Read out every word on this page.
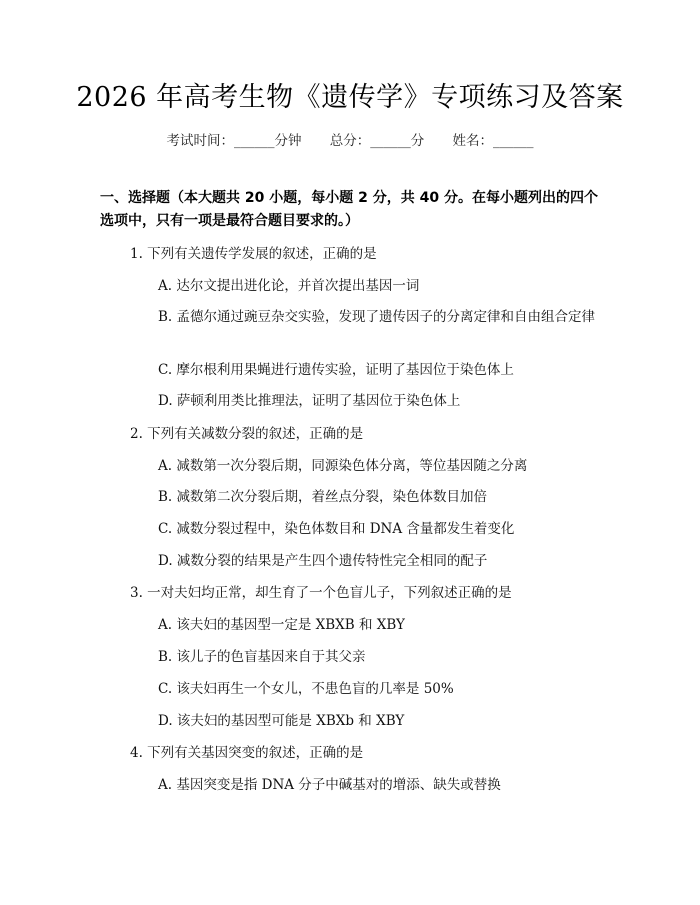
2026 年高考生物《遗传学》专项练习及答案
考试时间：______分钟 总分：______分 姓名：______
一、选择题（本大题共 20 小题，每小题 2 分，共 40 分。在每小题列出的四个选项中，只有一项是最符合题目要求的。）
1. 下列有关遗传学发展的叙述，正确的是
A. 达尔文提出进化论，并首次提出基因一词
B. 孟德尔通过豌豆杂交实验，发现了遗传因子的分离定律和自由组合定律
C. 摩尔根利用果蝇进行遗传实验，证明了基因位于染色体上
D. 萨顿利用类比推理法，证明了基因位于染色体上
2. 下列有关减数分裂的叙述，正确的是
A. 减数第一次分裂后期，同源染色体分离，等位基因随之分离
B. 减数第二次分裂后期，着丝点分裂，染色体数目加倍
C. 减数分裂过程中，染色体数目和 DNA 含量都发生着变化
D. 减数分裂的结果是产生四个遗传特性完全相同的配子
3. 一对夫妇均正常，却生育了一个色盲儿子，下列叙述正确的是
A. 该夫妇的基因型一定是 XBXB 和 XBY
B. 该儿子的色盲基因来自于其父亲
C. 该夫妇再生一个女儿，不患色盲的几率是 50%
D. 该夫妇的基因型可能是 XBXb 和 XBY
4. 下列有关基因突变的叙述，正确的是
A. 基因突变是指 DNA 分子中碱基对的增添、缺失或替换
